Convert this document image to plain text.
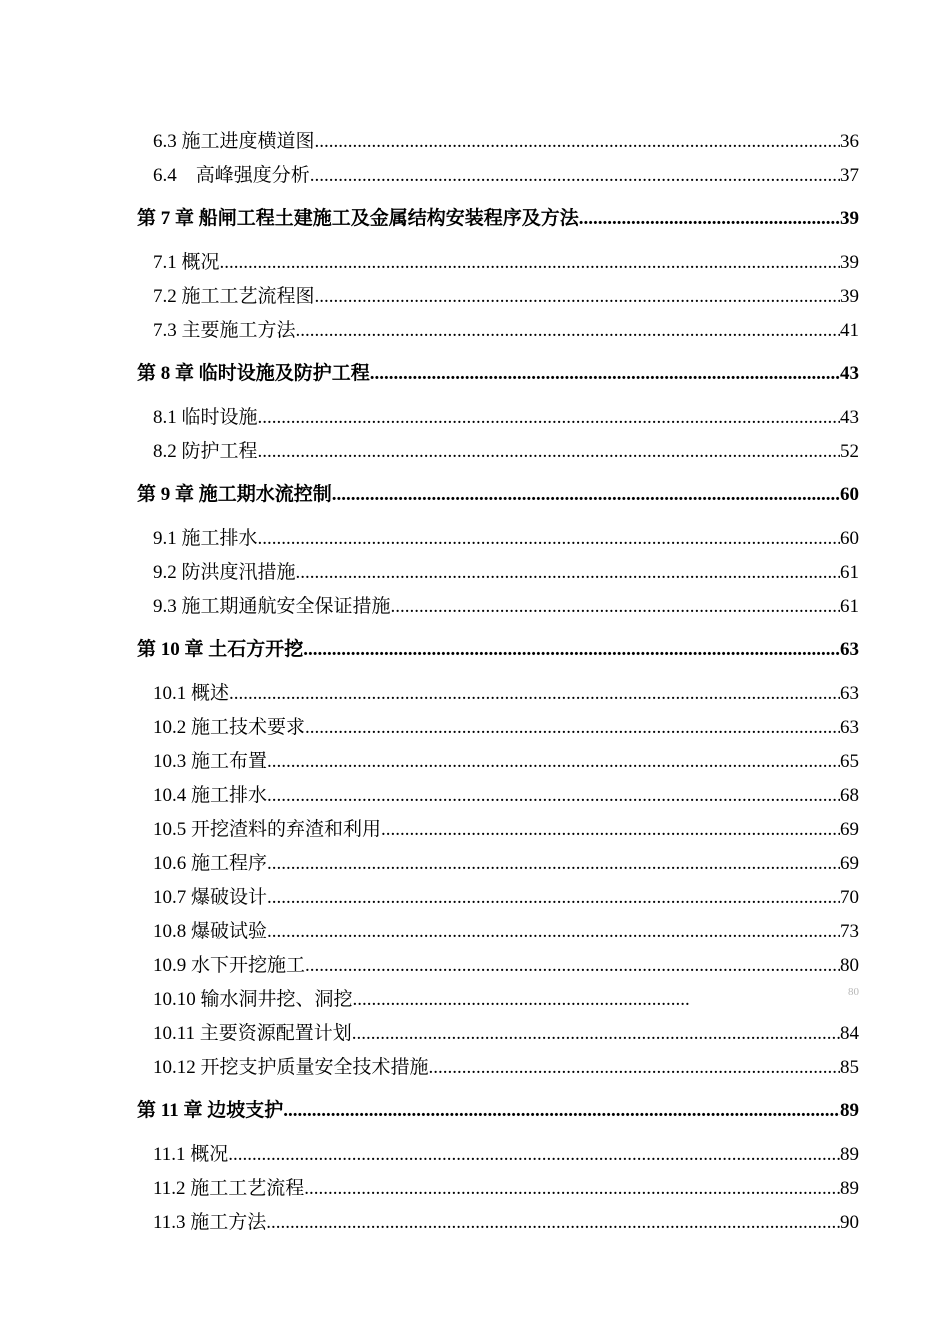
6.3 施工进度横道图 .....	36
6.4　高峰强度分析 .....	37
第 7 章 船闸工程土建施工及金属结构安装程序及方法 .....	39
7.1 概况 .....	39
7.2 施工工艺流程图 .....	39
7.3 主要施工方法 .....	41
第 8 章 临时设施及防护工程 .....	43
8.1 临时设施 .....	43
8.2 防护工程 .....	52
第 9 章 施工期水流控制 .....	60
9.1 施工排水 .....	60
9.2 防洪度汛措施 .....	61
9.3 施工期通航安全保证措施 .....	61
第 10 章 土石方开挖 .....	63
10.1 概述 .....	63
10.2 施工技术要求 .....	63
10.3 施工布置 .....	65
10.4 施工排水 .....	68
10.5 开挖渣料的弃渣和利用 .....	69
10.6 施工程序 .....	69
10.7 爆破设计 .....	70
10.8 爆破试验 .....	73
10.9 水下开挖施工 .....	80
10.10 输水洞井挖、洞挖 .....	80
10.11 主要资源配置计划 .....	84
10.12 开挖支护质量安全技术措施 .....	85
第 11 章 边坡支护 .....	89
11.1 概况 .....	89
11.2 施工工艺流程 .....	89
11.3 施工方法 .....	90
